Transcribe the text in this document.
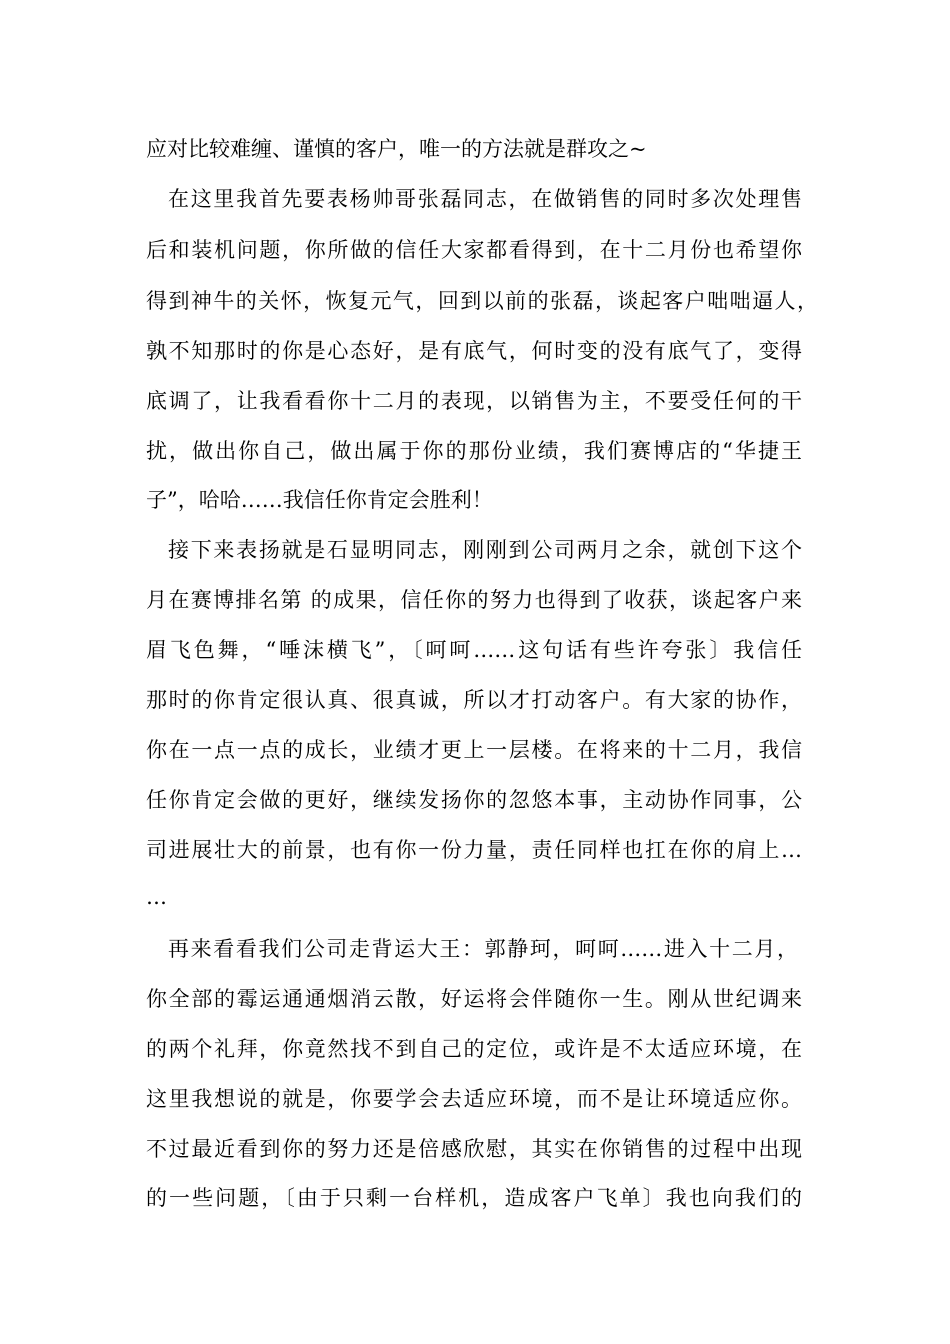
应对比较难缠、谨慎的客户，唯一的方法就是群攻之~
在这里我首先要表杨帅哥张磊同志，在做销售的同时多次处理售
后和装机问题，你所做的信任大家都看得到，在十二月份也希望你
得到神牛的关怀，恢复元气，回到以前的张磊，谈起客户咄咄逼人，
孰不知那时的你是心态好，是有底气，何时变的没有底气了，变得
底调了，让我看看你十二月的表现，以销售为主，不要受任何的干
扰，做出你自己，做出属于你的那份业绩，我们赛博店的“华捷王
子”，哈哈……我信任你肯定会胜利！
接下来表扬就是石显明同志，刚刚到公司两月之余，就创下这个
月在赛博排名第 的成果，信任你的努力也得到了收获，谈起客户来
眉飞色舞，“唾沫横飞”，〔呵呵……这句话有些许夸张〕我信任
那时的你肯定很认真、很真诚，所以才打动客户。有大家的协作，
你在一点一点的成长，业绩才更上一层楼。在将来的十二月，我信
任你肯定会做的更好，继续发扬你的忽悠本事，主动协作同事，公
司进展壮大的前景，也有你一份力量，责任同样也扛在你的肩上…
…
再来看看我们公司走背运大王：郭静珂，呵呵……进入十二月，
你全部的霉运通通烟消云散，好运将会伴随你一生。刚从世纪调来
的两个礼拜，你竟然找不到自己的定位，或许是不太适应环境，在
这里我想说的就是，你要学会去适应环境，而不是让环境适应你。
不过最近看到你的努力还是倍感欣慰，其实在你销售的过程中出现
的一些问题，〔由于只剩一台样机，造成客户飞单〕我也向我们的
